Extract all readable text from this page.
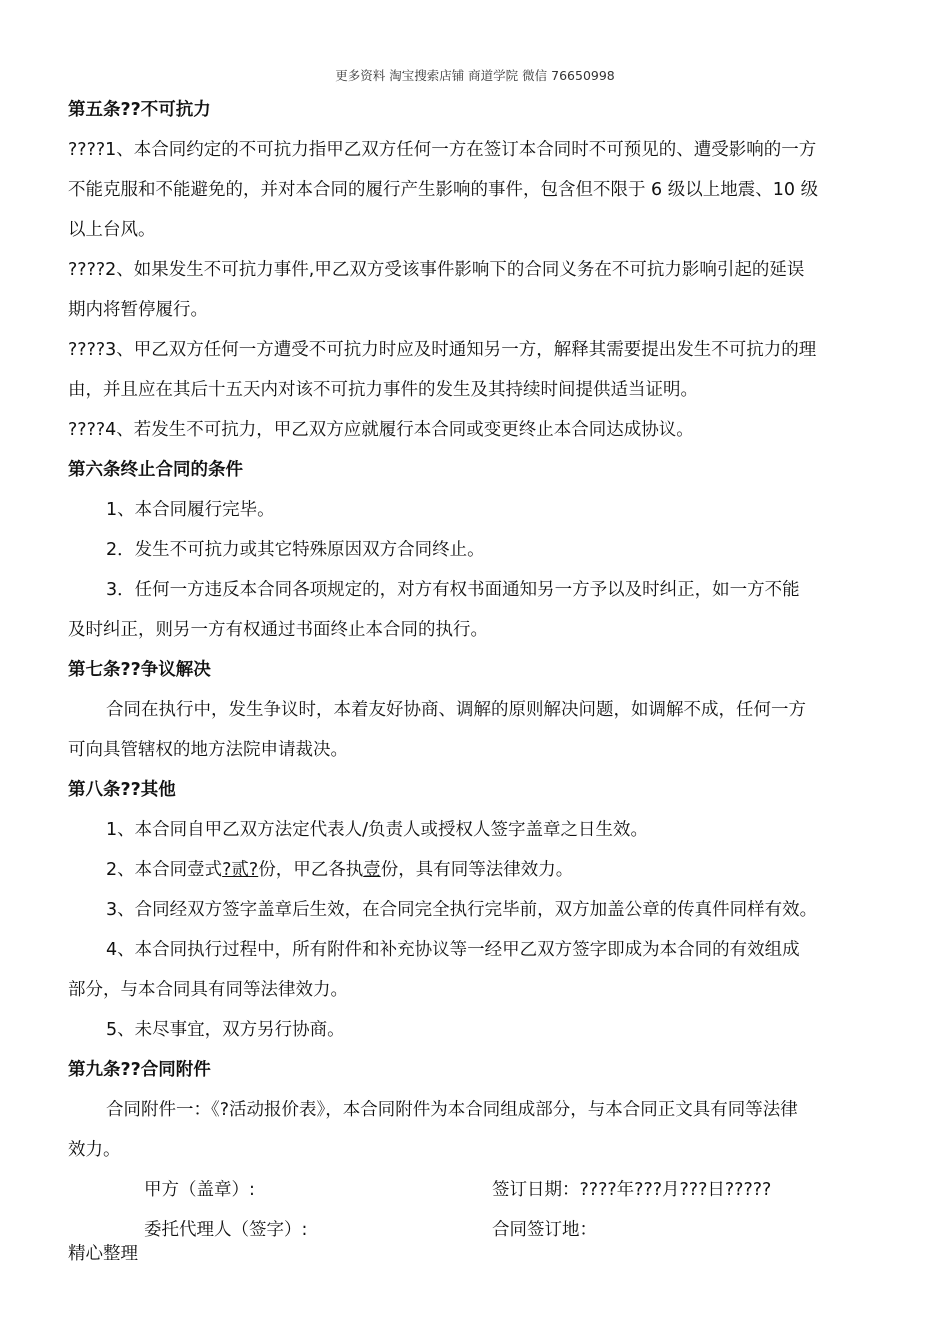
更多资料 淘宝搜索店铺 商道学院 微信 76650998
第五条??不可抗力
????1、本合同约定的不可抗力指甲乙双方任何一方在签订本合同时不可预见的、遭受影响的一方
不能克服和不能避免的，并对本合同的履行产生影响的事件，包含但不限于 6 级以上地震、10 级
以上台风。
????2、如果发生不可抗力事件,甲乙双方受该事件影响下的合同义务在不可抗力影响引起的延误
期内将暂停履行。
????3、甲乙双方任何一方遭受不可抗力时应及时通知另一方，解释其需要提出发生不可抗力的理
由，并且应在其后十五天内对该不可抗力事件的发生及其持续时间提供适当证明。
????4、若发生不可抗力，甲乙双方应就履行本合同或变更终止本合同达成协议。
第六条终止合同的条件
1、本合同履行完毕。
2．发生不可抗力或其它特殊原因双方合同终止。
3．任何一方违反本合同各项规定的，对方有权书面通知另一方予以及时纠正，如一方不能
及时纠正，则另一方有权通过书面终止本合同的执行。
第七条??争议解决
合同在执行中，发生争议时，本着友好协商、调解的原则解决问题，如调解不成，任何一方
可向具管辖权的地方法院申请裁决。
第八条??其他
1、本合同自甲乙双方法定代表人/负责人或授权人签字盖章之日生效。
2、本合同壹式?贰?份，甲乙各执壹份，具有同等法律效力。
3、合同经双方签字盖章后生效，在合同完全执行完毕前，双方加盖公章的传真件同样有效。
4、本合同执行过程中，所有附件和补充协议等一经甲乙双方签字即成为本合同的有效组成
部分，与本合同具有同等法律效力。
5、未尽事宜，双方另行协商。
第九条??合同附件
合同附件一：《?活动报价表》，本合同附件为本合同组成部分，与本合同正文具有同等法律
效力。
甲方（盖章）:	签订日期：????年???月???日?????
委托代理人（签字）:	合同签订地：
精心整理
